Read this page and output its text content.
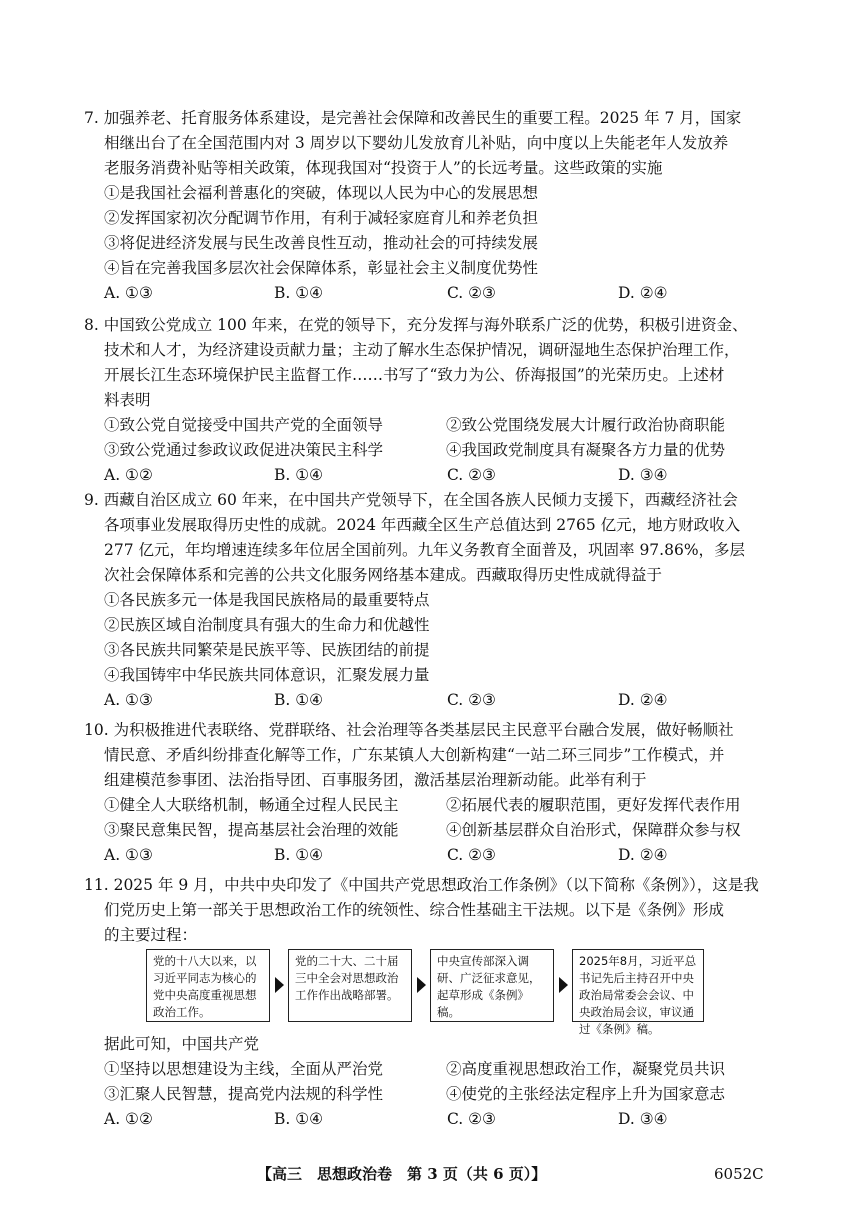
7. 加强养老、托育服务体系建设，是完善社会保障和改善民生的重要工程。2025 年 7 月，国家
相继出台了在全国范围内对 3 周岁以下婴幼儿发放育儿补贴，向中度以上失能老年人发放养
老服务消费补贴等相关政策，体现我国对“投资于人”的长远考量。这些政策的实施
①是我国社会福利普惠化的突破，体现以人民为中心的发展思想
②发挥国家初次分配调节作用，有利于减轻家庭育儿和养老负担
③将促进经济发展与民生改善良性互动，推动社会的可持续发展
④旨在完善我国多层次社会保障体系，彰显社会主义制度优势性
A. ①③	B. ①④	C. ②③	D. ②④
8. 中国致公党成立 100 年来，在党的领导下，充分发挥与海外联系广泛的优势，积极引进资金、
技术和人才，为经济建设贡献力量；主动了解水生态保护情况，调研湿地生态保护治理工作，
开展长江生态环境保护民主监督工作……书写了“致力为公、侨海报国”的光荣历史。上述材
料表明
①致公党自觉接受中国共产党的全面领导	②致公党围绕发展大计履行政治协商职能
③致公党通过参政议政促进决策民主科学	④我国政党制度具有凝聚各方力量的优势
A. ①②	B. ①④	C. ②③	D. ③④
9. 西藏自治区成立 60 年来，在中国共产党领导下，在全国各族人民倾力支援下，西藏经济社会
各项事业发展取得历史性的成就。2024 年西藏全区生产总值达到 2765 亿元，地方财政收入
277 亿元，年均增速连续多年位居全国前列。九年义务教育全面普及，巩固率 97.86%，多层
次社会保障体系和完善的公共文化服务网络基本建成。西藏取得历史性成就得益于
①各民族多元一体是我国民族格局的最重要特点
②民族区域自治制度具有强大的生命力和优越性
③各民族共同繁荣是民族平等、民族团结的前提
④我国铸牢中华民族共同体意识，汇聚发展力量
A. ①③	B. ①④	C. ②③	D. ②④
10. 为积极推进代表联络、党群联络、社会治理等各类基层民主民意平台融合发展，做好畅顺社
情民意、矛盾纠纷排查化解等工作，广东某镇人大创新构建“一站二环三同步”工作模式，并
组建模范参事团、法治指导团、百事服务团，激活基层治理新动能。此举有利于
①健全人大联络机制，畅通全过程人民民主	②拓展代表的履职范围，更好发挥代表作用
③聚民意集民智，提高基层社会治理的效能	④创新基层群众自治形式，保障群众参与权
A. ①③	B. ①④	C. ②③	D. ②④
11. 2025 年 9 月，中共中央印发了《中国共产党思想政治工作条例》（以下简称《条例》），这是我
们党历史上第一部关于思想政治工作的统领性、综合性基础主干法规。以下是《条例》形成
的主要过程：
党的十八大以来，以习近平同志为核心的党中央高度重视思想政治工作。
党的二十大、二十届三中全会对思想政治工作作出战略部署。
中央宣传部深入调研、广泛征求意见，起草形成《条例》稿。
2025年8月，习近平总书记先后主持召开中央政治局常委会会议、中央政治局会议，审议通过《条例》稿。
据此可知，中国共产党
①坚持以思想建设为主线，全面从严治党	②高度重视思想政治工作，凝聚党员共识
③汇聚人民智慧，提高党内法规的科学性	④使党的主张经法定程序上升为国家意志
A. ①②	B. ①④	C. ②③	D. ③④
【高三　思想政治卷　第 3 页（共 6 页）】	6052C
